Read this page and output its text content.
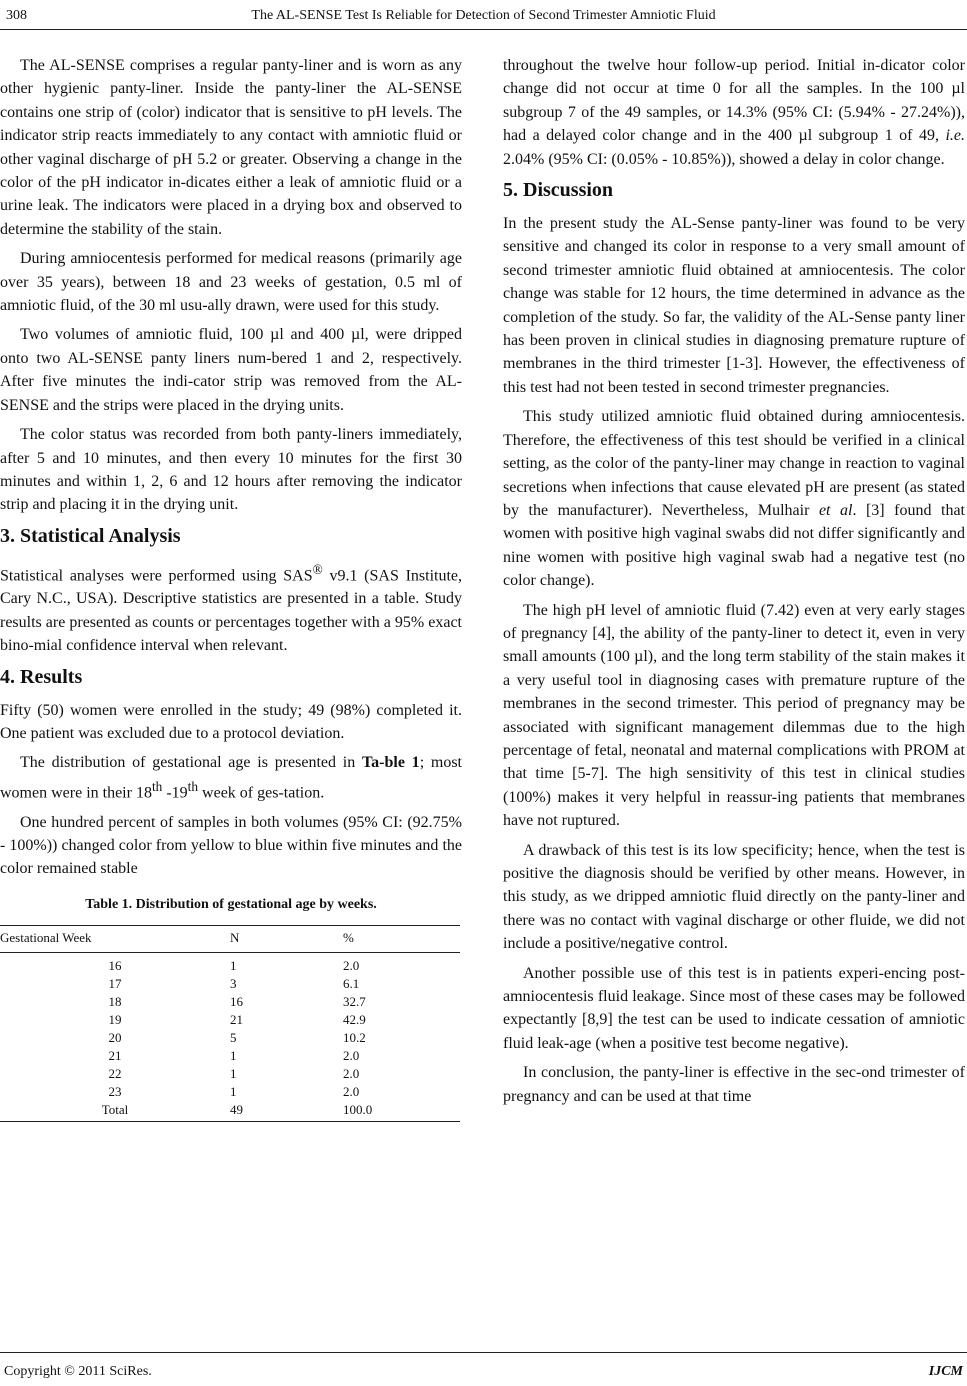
308	The AL-SENSE Test Is Reliable for Detection of Second Trimester Amniotic Fluid

The AL-SENSE comprises a regular panty-liner and is worn as any other hygienic panty-liner. Inside the panty-liner the AL-SENSE contains one strip of (color) indicator that is sensitive to pH levels. The indicator strip reacts immediately to any contact with amniotic fluid or other vaginal discharge of pH 5.2 or greater. Observing a change in the color of the pH indicator in-dicates either a leak of amniotic fluid or a urine leak. The indicators were placed in a drying box and observed to determine the stability of the stain.

During amniocentesis performed for medical reasons (primarily age over 35 years), between 18 and 23 weeks of gestation, 0.5 ml of amniotic fluid, of the 30 ml usu-ally drawn, were used for this study.

Two volumes of amniotic fluid, 100 µl and 400 µl, were dripped onto two AL-SENSE panty liners num-bered 1 and 2, respectively. After five minutes the indi-cator strip was removed from the AL-SENSE and the strips were placed in the drying units.

The color status was recorded from both panty-liners immediately, after 5 and 10 minutes, and then every 10 minutes for the first 30 minutes and within 1, 2, 6 and 12 hours after removing the indicator strip and placing it in the drying unit.

3. Statistical Analysis

Statistical analyses were performed using SAS® v9.1 (SAS Institute, Cary N.C., USA). Descriptive statistics are presented in a table. Study results are presented as counts or percentages together with a 95% exact bino-mial confidence interval when relevant.

4. Results

Fifty (50) women were enrolled in the study; 49 (98%) completed it. One patient was excluded due to a protocol deviation.

The distribution of gestational age is presented in Ta-ble 1; most women were in their 18th -19th week of ges-tation.

One hundred percent of samples in both volumes (95% CI: (92.75% - 100%)) changed color from yellow to blue within five minutes and the color remained stable

Table 1. Distribution of gestational age by weeks.
Gestational Week	N	%
16	1	2.0
17	3	6.1
18	16	32.7
19	21	42.9
20	5	10.2
21	1	2.0
22	1	2.0
23	1	2.0
Total	49	100.0

throughout the twelve hour follow-up period. Initial in-dicator color change did not occur at time 0 for all the samples. In the 100 µl subgroup 7 of the 49 samples, or 14.3% (95% CI: (5.94% - 27.24%)), had a delayed color change and in the 400 µl subgroup 1 of 49, i.e. 2.04% (95% CI: (0.05% - 10.85%)), showed a delay in color change.

5. Discussion

In the present study the AL-Sense panty-liner was found to be very sensitive and changed its color in response to a very small amount of second trimester amniotic fluid obtained at amniocentesis. The color change was stable for 12 hours, the time determined in advance as the completion of the study. So far, the validity of the AL-Sense panty liner has been proven in clinical studies in diagnosing premature rupture of membranes in the third trimester [1-3]. However, the effectiveness of this test had not been tested in second trimester pregnancies.

This study utilized amniotic fluid obtained during amniocentesis. Therefore, the effectiveness of this test should be verified in a clinical setting, as the color of the panty-liner may change in reaction to vaginal secretions when infections that cause elevated pH are present (as stated by the manufacturer). Nevertheless, Mulhair et al. [3] found that women with positive high vaginal swabs did not differ significantly and nine women with positive high vaginal swab had a negative test (no color change).

The high pH level of amniotic fluid (7.42) even at very early stages of pregnancy [4], the ability of the panty-liner to detect it, even in very small amounts (100 µl), and the long term stability of the stain makes it a very useful tool in diagnosing cases with premature rupture of the membranes in the second trimester. This period of pregnancy may be associated with significant management dilemmas due to the high percentage of fetal, neonatal and maternal complications with PROM at that time [5-7]. The high sensitivity of this test in clinical studies (100%) makes it very helpful in reassur-ing patients that membranes have not ruptured.

A drawback of this test is its low specificity; hence, when the test is positive the diagnosis should be verified by other means. However, in this study, as we dripped amniotic fluid directly on the panty-liner and there was no contact with vaginal discharge or other fluide, we did not include a positive/negative control.

Another possible use of this test is in patients experi-encing post-amniocentesis fluid leakage. Since most of these cases may be followed expectantly [8,9] the test can be used to indicate cessation of amniotic fluid leak-age (when a positive test become negative).

In conclusion, the panty-liner is effective in the sec-ond trimester of pregnancy and can be used at that time

Copyright © 2011 SciRes.	IJCM
